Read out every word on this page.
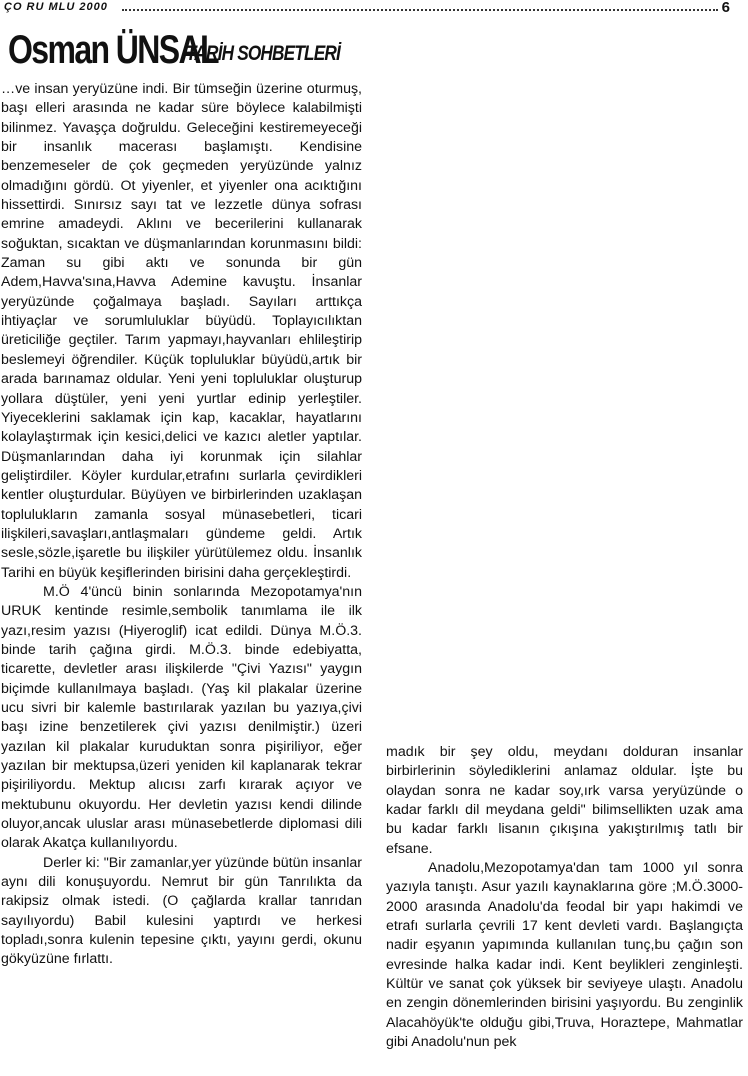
ÇO RU MLU 2000	6
Osman ÜNSAL
TARİH SOHBETLERİ

…ve insan yeryüzüne indi. Bir tümseğin üzerine oturmuş, başı elleri arasında ne kadar süre böylece kalabilmişti bilinmez. Yavaşça doğruldu. Geleceğini kestiremeyeceği bir insanlık macerası başlamıştı. Kendisine benzemeseler de çok geçmeden yeryüzünde yalnız olmadığını gördü. Ot yiyenler, et yiyenler ona acıktığını hissettirdi. Sınırsız sayı tat ve lezzetle dünya sofrası emrine amadeydi. Aklını ve becerilerini kullanarak soğuktan, sıcaktan ve düşmanlarından korunmasını bildi: Zaman su gibi aktı ve sonunda bir gün Adem,Havva'sına,Havva Ademine kavuştu. İnsanlar yeryüzünde çoğalmaya başladı. Sayıları arttıkça ihtiyaçlar ve sorumluluklar büyüdü. Toplayıcılıktan üreticiliğe geçtiler. Tarım yapmayı,hayvanları ehlileştirip beslemeyi öğrendiler. Küçük topluluklar büyüdü,artık bir arada barınamaz oldular. Yeni yeni topluluklar oluşturup yollara düştüler, yeni yeni yurtlar edinip yerleştiler. Yiyeceklerini saklamak için kap, kacaklar, hayatlarını kolaylaştırmak için kesici,delici ve kazıcı aletler yaptılar. Düşmanlarından daha iyi korunmak için silahlar geliştirdiler. Köyler kurdular,etrafını surlarla çevirdikleri kentler oluşturdular. Büyüyen ve birbirlerinden uzaklaşan toplulukların zamanla sosyal münasebetleri, ticari ilişkileri,savaşları,antlaşmaları gündeme geldi. Artık sesle,sözle,işaretle bu ilişkiler yürütülemez oldu. İnsanlık Tarihi en büyük keşiflerinden birisini daha gerçekleştirdi.

M.Ö 4'üncü binin sonlarında Mezopotamya'nın URUK kentinde resimle,sembolik tanımlama ile ilk yazı,resim yazısı (Hiyeroglif) icat edildi. Dünya M.Ö.3. binde tarih çağına girdi. M.Ö.3. binde edebiyatta, ticarette, devletler arası ilişkilerde "Çivi Yazısı" yaygın biçimde kullanılmaya başladı. (Yaş kil plakalar üzerine ucu sivri bir kalemle bastırılarak yazılan bu yazıya,çivi başı izine benzetilerek çivi yazısı denilmiştir.) üzeri yazılan kil plakalar kuruduktan sonra pişiriliyor, eğer yazılan bir mektupsa,üzeri yeniden kil kaplanarak tekrar pişiriliyordu. Mektup alıcısı zarfı kırarak açıyor ve mektubunu okuyordu. Her devletin yazısı kendi dilinde oluyor,ancak uluslar arası münasebetlerde diplomasi dili olarak Akatça kullanılıyordu.

Derler ki: "Bir zamanlar,yer yüzünde bütün insanlar aynı dili konuşuyordu. Nemrut bir gün Tanrılıkta da rakipsiz olmak istedi. (O çağlarda krallar tanrıdan sayılıyordu) Babil kulesini yaptırdı ve herkesi topladı,sonra kulenin tepesine çıktı, yayını gerdi, okunu gökyüzüne fırlattı.

madık bir şey oldu, meydanı dolduran insanlar birbirlerinin söylediklerini anlamaz oldular. İşte bu olaydan sonra ne kadar soy,ırk varsa yeryüzünde o kadar farklı dil meydana geldi" bilimsellikten uzak ama bu kadar farklı lisanın çıkışına yakıştırılmış tatlı bir efsane.

Anadolu,Mezopotamya'dan tam 1000 yıl sonra yazıyla tanıştı. Asur yazılı kaynaklarına göre ;M.Ö.3000-2000 arasında Anadolu'da feodal bir yapı hakimdi ve etrafı surlarla çevrili 17 kent devleti vardı. Başlangıçta nadir eşyanın yapımında kullanılan tunç,bu çağın son evresinde halka kadar indi. Kent beylikleri zenginleşti. Kültür ve sanat çok yüksek bir seviyeye ulaştı. Anadolu en zengin dönemlerinden birisini yaşıyordu. Bu zenginlik Alacahöyük'te olduğu gibi,Truva, Horaztepe, Mahmatlar gibi Anadolu'nun pek
